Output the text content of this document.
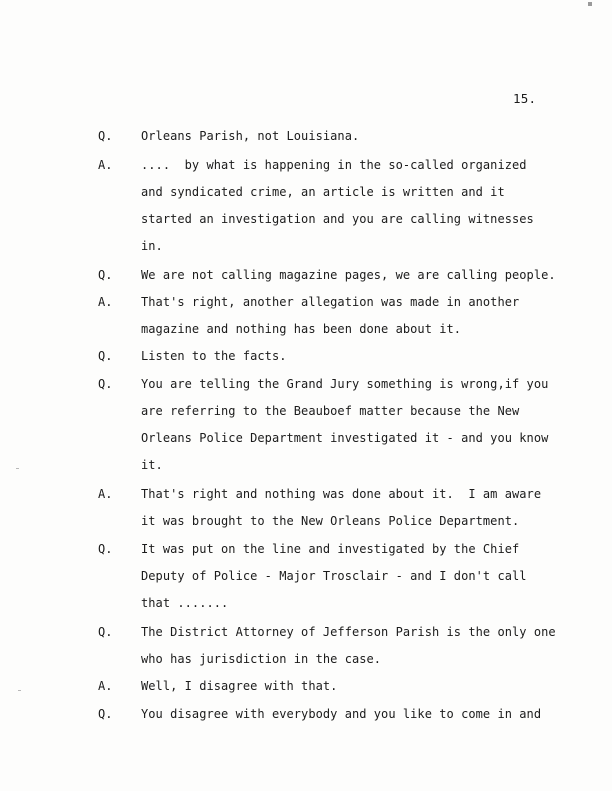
15.
Q. Orleans Parish, not Louisiana.
A. ....  by what is happening in the so-called organized
and syndicated crime, an article is written and it
started an investigation and you are calling witnesses
in.
Q. We are not calling magazine pages, we are calling people.
A. That's right, another allegation was made in another
magazine and nothing has been done about it.
Q. Listen to the facts.
Q. You are telling the Grand Jury something is wrong,if you
are referring to the Beauboef matter because the New
Orleans Police Department investigated it - and you know
it.
A. That's right and nothing was done about it.  I am aware
it was brought to the New Orleans Police Department.
Q. It was put on the line and investigated by the Chief
Deputy of Police - Major Trosclair - and I don't call
that .......
Q. The District Attorney of Jefferson Parish is the only one
who has jurisdiction in the case.
A. Well, I disagree with that.
Q. You disagree with everybody and you like to come in and
